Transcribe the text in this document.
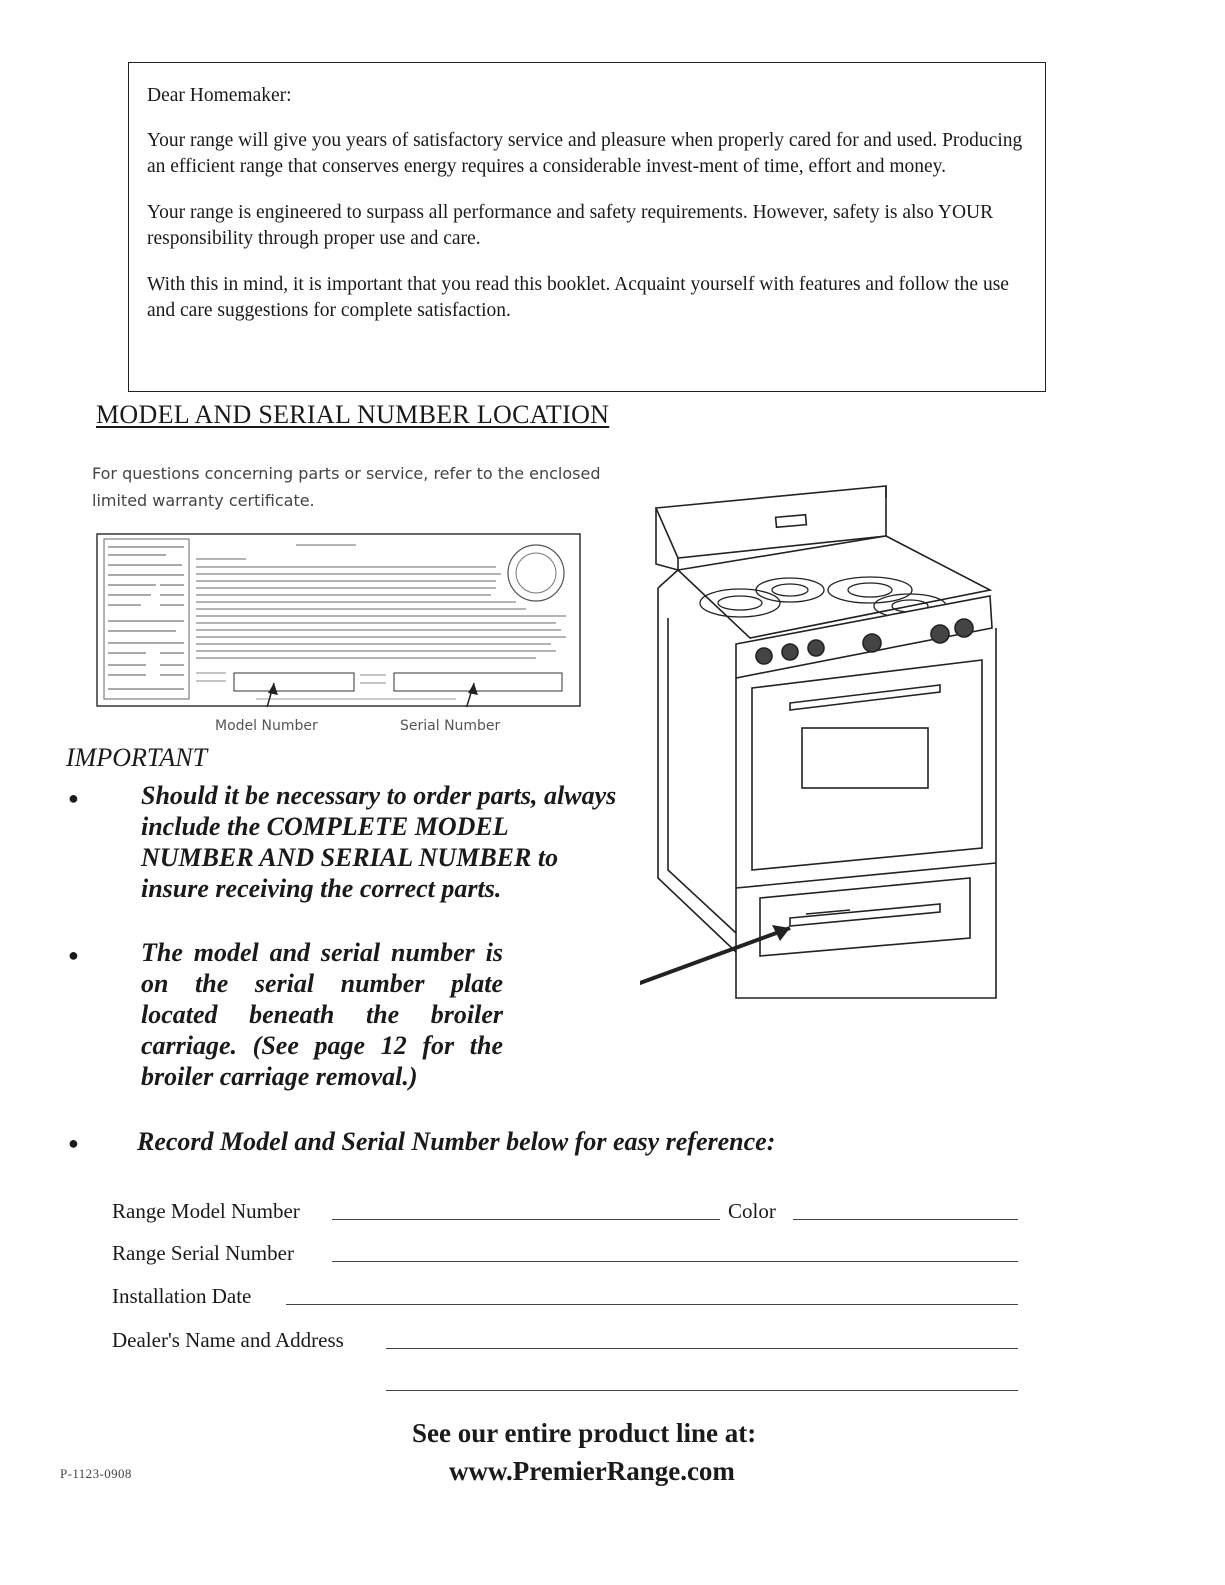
Dear Homemaker:

Your range will give you years of satisfactory service and pleasure when properly cared for and used. Producing an efficient range that conserves energy requires a considerable invest-ment of time, effort and money.

Your range is engineered to surpass all performance and safety requirements. However, safety is also YOUR responsibility through proper use and care.

With this in mind, it is important that you read this booklet. Acquaint yourself with features and follow the use and care suggestions for complete satisfaction.

MODEL AND SERIAL NUMBER LOCATION
For questions concerning parts or service, refer to the enclosed limited warranty certificate.
Model Number	Serial Number
IMPORTANT
● Should it be necessary to order parts, always include the COMPLETE MODEL NUMBER AND SERIAL NUMBER to insure receiving the correct parts.
● The model and serial number is on the serial number plate located beneath the broiler carriage. (See page 12 for the broiler carriage removal.)
● Record Model and Serial Number below for easy reference:
Range Model Number	Color
Range Serial Number
Installation Date
Dealer's Name and Address
See our entire product line at:
www.PremierRange.com
P-1123-0908
